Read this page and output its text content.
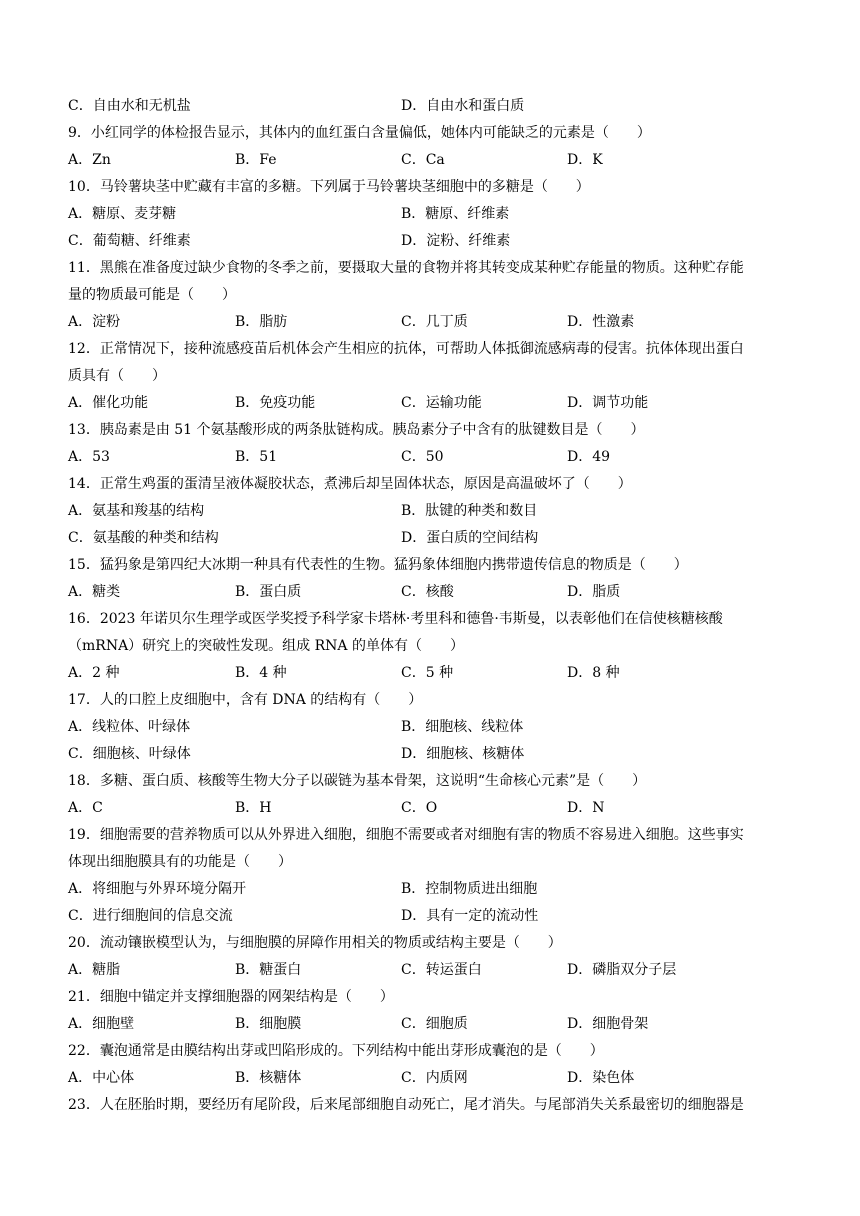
C．自由水和无机盐	D．自由水和蛋白质
9．小红同学的体检报告显示，其体内的血红蛋白含量偏低，她体内可能缺乏的元素是（　　）
A．Zn	B．Fe	C．Ca	D．K
10．马铃薯块茎中贮藏有丰富的多糖。下列属于马铃薯块茎细胞中的多糖是（　　）
A．糖原、麦芽糖	B．糖原、纤维素
C．葡萄糖、纤维素	D．淀粉、纤维素
11．黑熊在准备度过缺少食物的冬季之前，要摄取大量的食物并将其转变成某种贮存能量的物质。这种贮存能
量的物质最可能是（　　）
A．淀粉	B．脂肪	C．几丁质	D．性激素
12．正常情况下，接种流感疫苗后机体会产生相应的抗体，可帮助人体抵御流感病毒的侵害。抗体体现出蛋白
质具有（　　）
A．催化功能	B．免疫功能	C．运输功能	D．调节功能
13．胰岛素是由 51 个氨基酸形成的两条肽链构成。胰岛素分子中含有的肽键数目是（　　）
A．53	B．51	C．50	D．49
14．正常生鸡蛋的蛋清呈液体凝胶状态，煮沸后却呈固体状态，原因是高温破坏了（　　）
A．氨基和羧基的结构	B．肽键的种类和数目
C．氨基酸的种类和结构	D．蛋白质的空间结构
15．猛犸象是第四纪大冰期一种具有代表性的生物。猛犸象体细胞内携带遗传信息的物质是（　　）
A．糖类	B．蛋白质	C．核酸	D．脂质
16．2023 年诺贝尔生理学或医学奖授予科学家卡塔林·考里科和德鲁·韦斯曼，以表彰他们在信使核糖核酸
（mRNA）研究上的突破性发现。组成 RNA 的单体有（　　）
A．2 种	B．4 种	C．5 种	D．8 种
17．人的口腔上皮细胞中，含有 DNA 的结构有（　　）
A．线粒体、叶绿体	B．细胞核、线粒体
C．细胞核、叶绿体	D．细胞核、核糖体
18．多糖、蛋白质、核酸等生物大分子以碳链为基本骨架，这说明“生命核心元素”是（　　）
A．C	B．H	C．O	D．N
19．细胞需要的营养物质可以从外界进入细胞，细胞不需要或者对细胞有害的物质不容易进入细胞。这些事实
体现出细胞膜具有的功能是（　　）
A．将细胞与外界环境分隔开	B．控制物质进出细胞
C．进行细胞间的信息交流	D．具有一定的流动性
20．流动镶嵌模型认为，与细胞膜的屏障作用相关的物质或结构主要是（　　）
A．糖脂	B．糖蛋白	C．转运蛋白	D．磷脂双分子层
21．细胞中锚定并支撑细胞器的网架结构是（　　）
A．细胞壁	B．细胞膜	C．细胞质	D．细胞骨架
22．囊泡通常是由膜结构出芽或凹陷形成的。下列结构中能出芽形成囊泡的是（　　）
A．中心体	B．核糖体	C．内质网	D．染色体
23．人在胚胎时期，要经历有尾阶段，后来尾部细胞自动死亡，尾才消失。与尾部消失关系最密切的细胞器是
